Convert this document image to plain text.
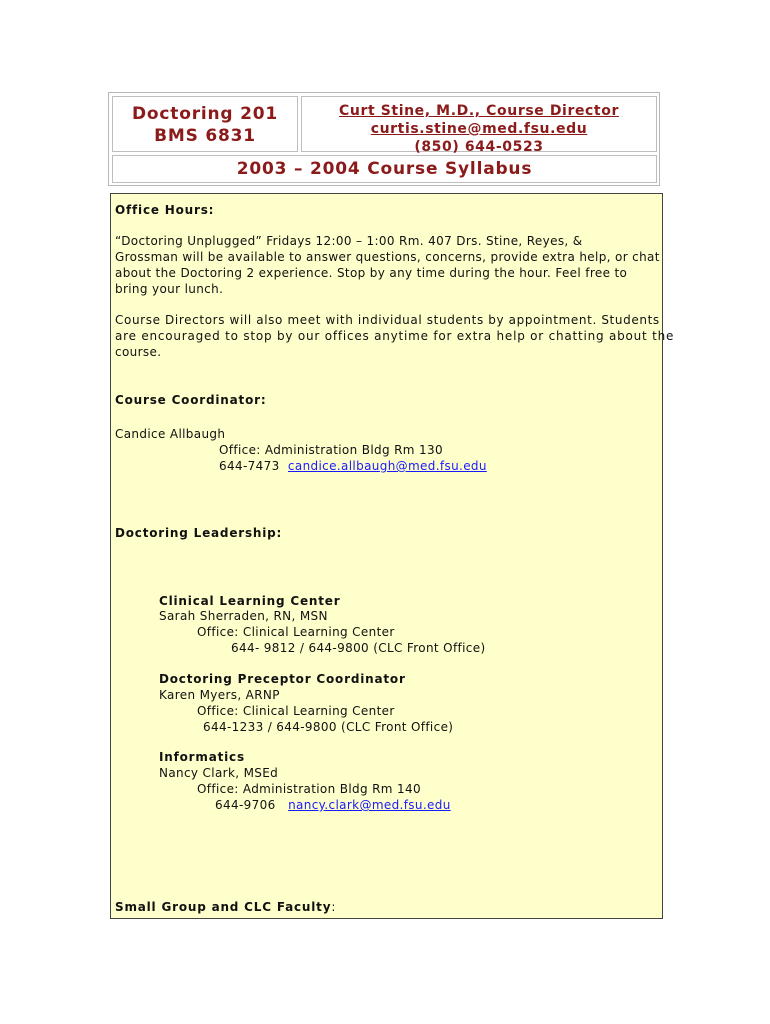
Doctoring 201
BMS 6831
Curt Stine, M.D., Course Director
curtis.stine@med.fsu.edu
(850) 644-0523
2003 – 2004 Course Syllabus
Office Hours:
“Doctoring Unplugged” Fridays 12:00 – 1:00 Rm. 407 Drs. Stine, Reyes, &
Grossman will be available to answer questions, concerns, provide extra help, or chat
about the Doctoring 2 experience. Stop by any time during the hour. Feel free to
bring your lunch.
Course Directors will also meet with individual students by appointment. Students
are encouraged to stop by our offices anytime for extra help or chatting about the
course.
Course Coordinator:
Candice Allbaugh
Office: Administration Bldg Rm 130
644-7473 candice.allbaugh@med.fsu.edu
Doctoring Leadership:
Clinical Learning Center
Sarah Sherraden, RN, MSN
Office: Clinical Learning Center
644- 9812 / 644-9800 (CLC Front Office)
Doctoring Preceptor Coordinator
Karen Myers, ARNP
Office: Clinical Learning Center
644-1233 / 644-9800 (CLC Front Office)
Informatics
Nancy Clark, MSEd
Office: Administration Bldg Rm 140
644-9706 nancy.clark@med.fsu.edu
Small Group and CLC Faculty:
